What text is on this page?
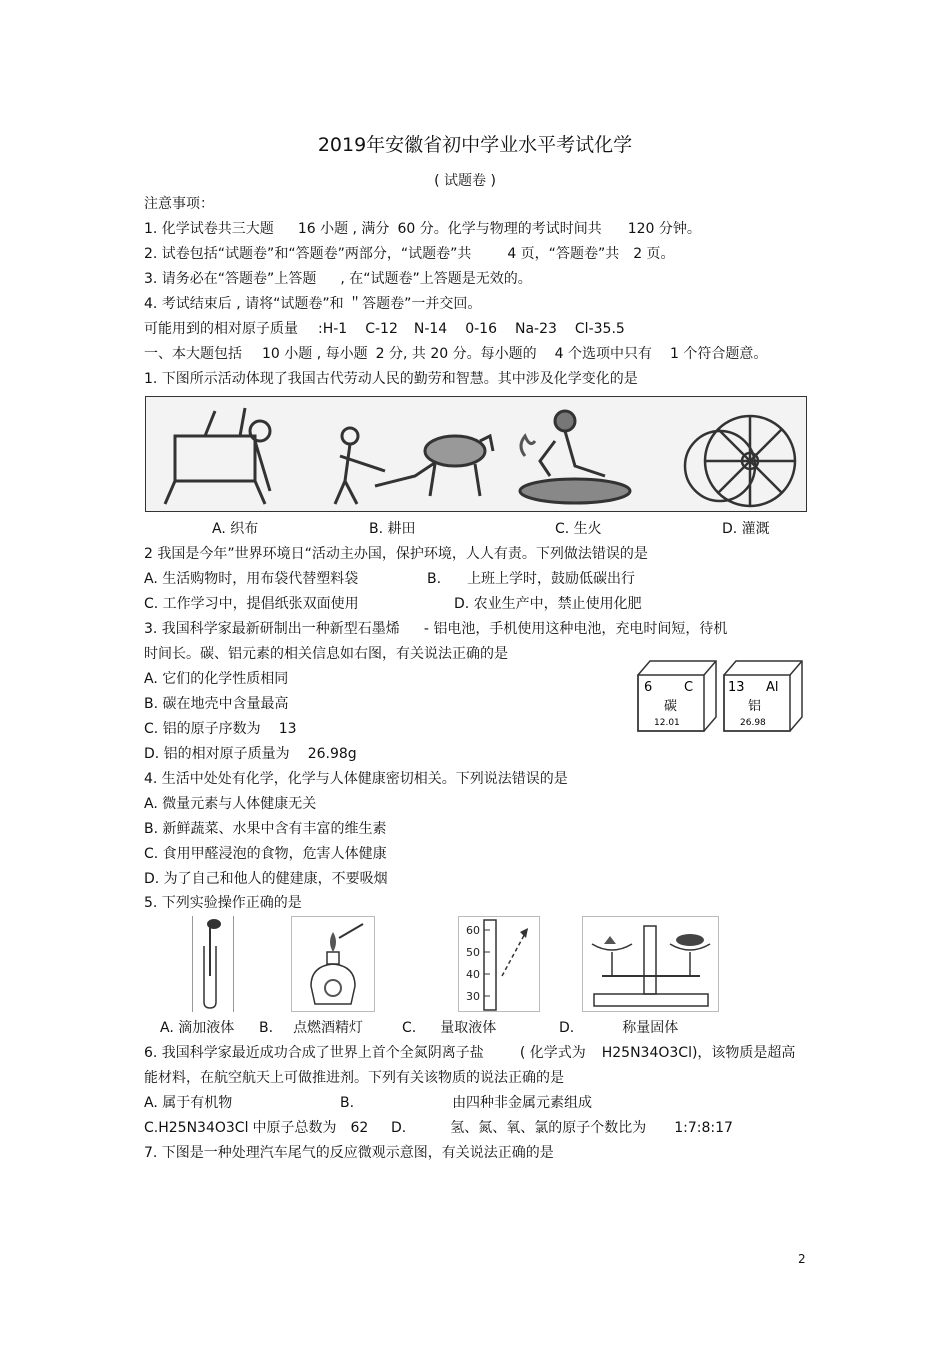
2019年安徽省初中学业水平考试化学
( 试题卷 )
注意事项：
1. 化学试卷共三大题 16 小题 , 满分 60 分。化学与物理的考试时间共 120 分钟。
2. 试卷包括“试题卷”和“答题卷”两部分，“试题卷”共	4 页，“答题卷”共 2 页。
3. 请务必在“答题卷”上答题 , 在“试题卷”上答题是无效的。
4. 考试结束后 , 请将“试题卷”和 ＂答题卷”一并交回。
可能用到的相对原子质量 :H-1 C-12 N-14 0-16 Na-23 Cl-35.5
一、本大题包括 10 小题 , 每小题 2 分, 共 20 分。每小题的 4 个选项中只有 1 个符合题意。
1. 下图所示活动体现了我国古代劳动人民的勤劳和智慧。其中涉及化学变化的是
A. 织布	B. 耕田	C. 生火	D. 灌溉
2 我国是今年”世界环境日“活动主办国，保护环境，人人有责。下列做法错误的是
A. 生活购物时，用布袋代替塑料袋	B. 上班上学时，鼓励低碳出行
C. 工作学习中，提倡纸张双面使用	D. 农业生产中，禁止使用化肥
3. 我国科学家最新研制出一种新型石墨烯 - 铝电池，手机使用这种电池，充电时间短，待机
时间长。碳、铝元素的相关信息如右图，有关说法正确的是
A. 它们的化学性质相同
B. 碳在地壳中含量最高
C. 铝的原子序数为 13
D. 铝的相对原子质量为 26.98g
6 C
碳
12.01
13 Al
铝
26.98
4. 生活中处处有化学，化学与人体健康密切相关。下列说法错误的是
A. 微量元素与人体健康无关
B. 新鲜蔬菜、水果中含有丰富的维生素
C. 食用甲醛浸泡的食物，危害人体健康
D. 为了自己和他人的健建康，不要吸烟
5. 下列实验操作正确的是
60
50
40
30
A. 滴加液体 B. 点燃酒精灯	C. 量取液体	D.	称量固体
6. 我国科学家最近成功合成了世界上首个全氮阴离子盐	( 化学式为 H25N34O3Cl)，该物质是超高
能材料，在航空航天上可做推进剂。下列有关该物质的说法正确的是
A. 属于有机物	B.	由四种非金属元素组成
C.H25N34O3Cl 中原子总数为 62 D.	氢、氮、氧、氯的原子个数比为 1:7:8:17
7. 下图是一种处理汽车尾气的反应微观示意图，有关说法正确的是
2
